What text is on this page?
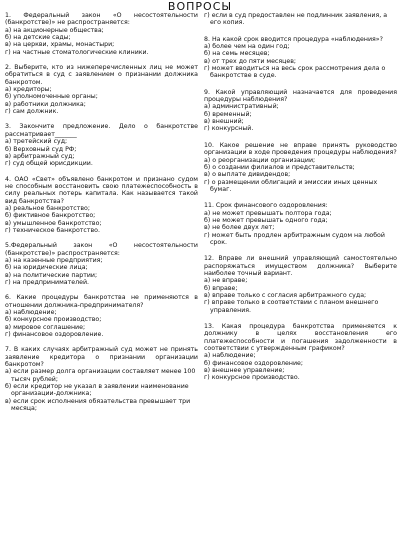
ВОПРОСЫ
1. Федеральный закон «О несостоятельности (банкротстве)» не распространяется:
а) на акционерные общества;
б) на детские сады;
в) на церкви, храмы, монастыри;
г) на частные стоматологические клиники.
2. Выберите, кто из нижеперечисленных лиц не может обратиться в суд с заявлением о признании должника банкротом.
а) кредиторы;
б) уполномоченные органы;
в) работники должника;
г) сам должник.
3. Закончите предложение. Дело о банкротстве рассматривает_______
а) третейский суд;
б) Верховный суд РФ;
в) арбитражный суд;
г) суд общей юрисдикции.
4. ОАО «Свет» объявлено банкротом и признано судом не способным восстановить свою платежеспособность в силу реальных потерь капитала. Как называется такой вид банкротства?
а) реальное банкротство;
б) фиктивное банкротство;
в) умышленное банкротство;
г) техническое банкротство.
5.Федеральный закон «О несостоятельности (банкротстве)» распространяется:
а) на казенные предприятия;
б) на юридические лица;
в) на политические партии;
г) на предпринимателей.
6. Какие процедуры банкротства не применяются в отношении должника-предпринимателя?
а) наблюдение;
б) конкурсное производство;
в) мировое соглашение;
г) финансовое оздоровление.
7. В каких случаях арбитражный суд может не принять заявление кредитора о признании организации банкротом?
а) если размер долга организации составляет менее 100 тысяч рублей;
б) если кредитор не указал в заявлении наименование организации-должника;
в) если срок исполнения обязательства превышает три месяца;
г) если в суд предоставлен не подлинник заявления, а его копия.
8. На какой срок вводится процедура «наблюдения»?
а) более чем на один год;
б) на семь месяцев;
в) от трех до пяти месяцев;
г) может вводиться на весь срок рассмотрения дела о банкротстве в суде.
9. Какой управляющий назначается для проведения процедуры наблюдения?
а) административный;
б) временный;
в) внешний;
г) конкурсный.
10. Какое решение не вправе принять руководство организации в ходе проведения процедуры наблюдения?
а) о реорганизации организации;
б) о создании филиалов и представительств;
в) о выплате дивидендов;
г) о размещении облигаций и эмиссии иных ценных бумаг.
11. Срок финансового оздоровления:
а) не может превышать полтора года;
б) не может превышать одного года;
в) не более двух лет;
г) может быть продлен арбитражным судом на любой срок.
12. Вправе ли внешний управляющий самостоятельно распоряжаться имуществом должника? Выберите наиболее точный вариант.
а) не вправе;
б) вправе;
в) вправе только с согласия арбитражного суда;
г) вправе только в соответствии с планом внешнего управления.
13. Какая процедура банкротства применяется к должнику в целях восстановления его платежеспособности и погашения задолженности в соответствии с утвержденным графиком?
а) наблюдение;
б) финансовое оздоровление;
в) внешнее управление;
г) конкурсное производство.
